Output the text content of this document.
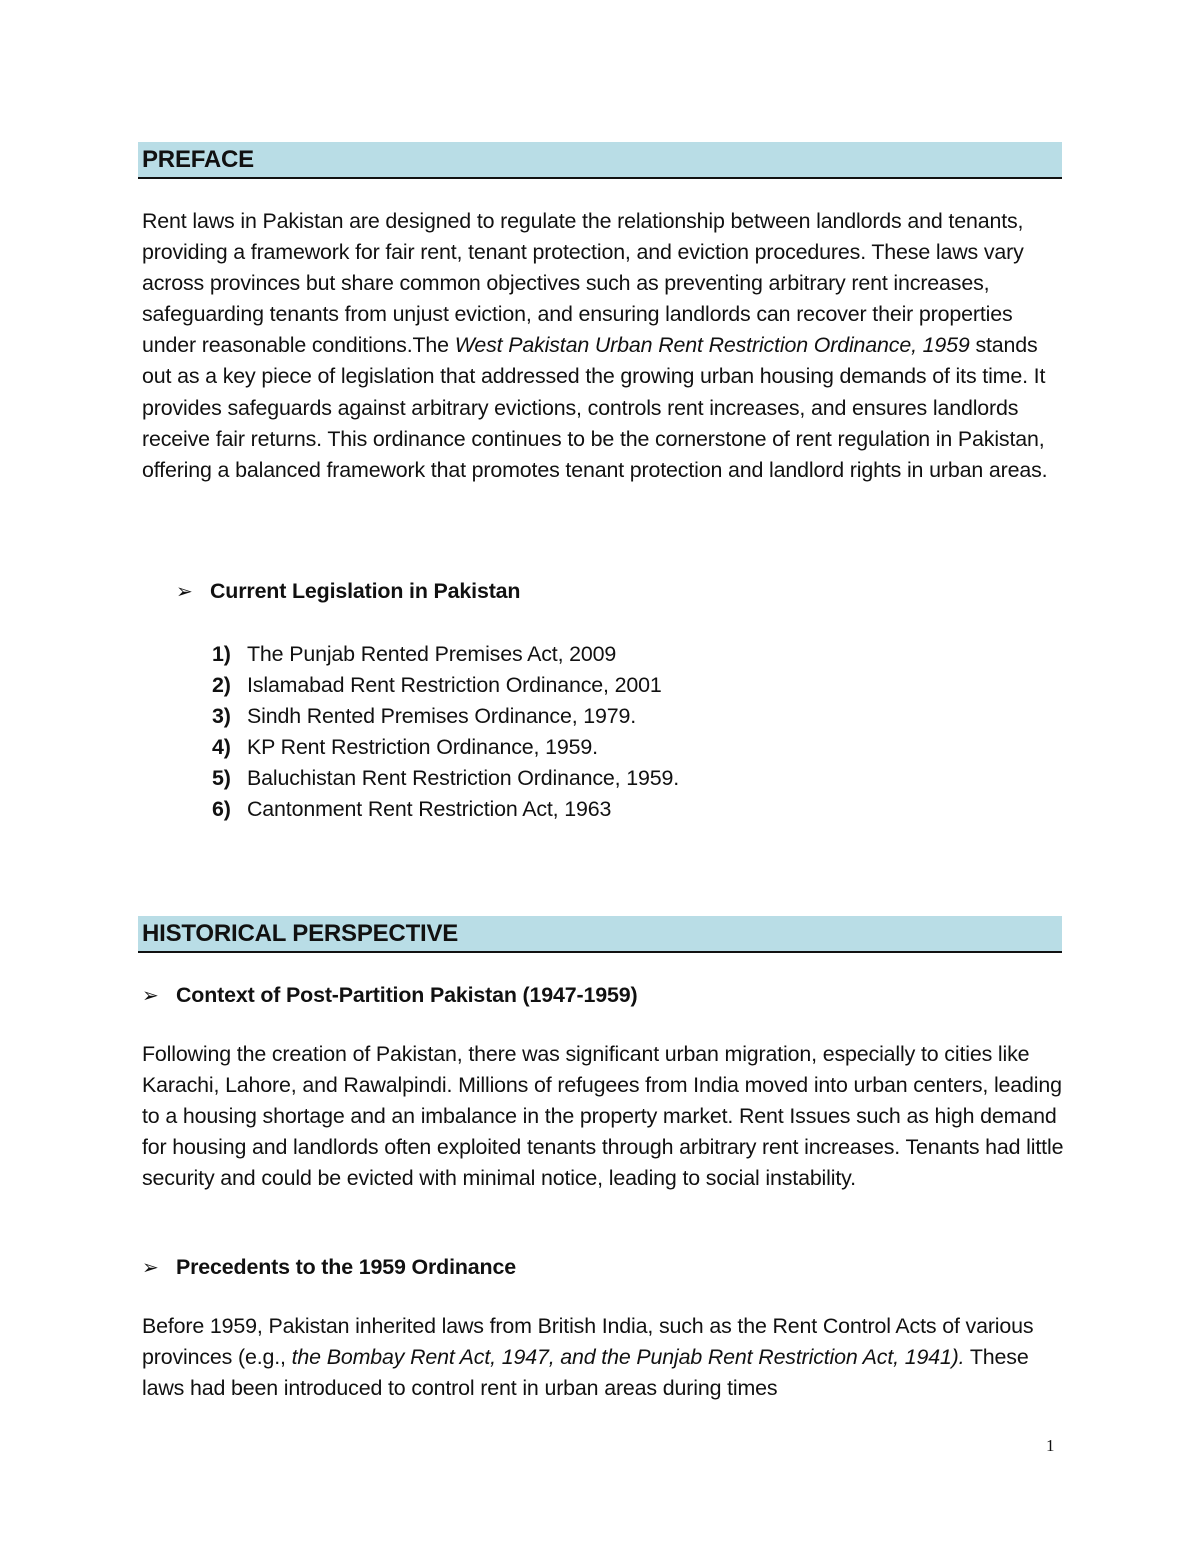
PREFACE
Rent laws in Pakistan are designed to regulate the relationship between landlords and tenants, providing a framework for fair rent, tenant protection, and eviction procedures. These laws vary across provinces but share common objectives such as preventing arbitrary rent increases, safeguarding tenants from unjust eviction, and ensuring landlords can recover their properties under reasonable conditions.The West Pakistan Urban Rent Restriction Ordinance, 1959 stands out as a key piece of legislation that addressed the growing urban housing demands of its time. It provides safeguards against arbitrary evictions, controls rent increases, and ensures landlords receive fair returns. This ordinance continues to be the cornerstone of rent regulation in Pakistan, offering a balanced framework that promotes tenant protection and landlord rights in urban areas.
➢ Current Legislation in Pakistan
1) The Punjab Rented Premises Act, 2009
2) Islamabad Rent Restriction Ordinance, 2001
3) Sindh Rented Premises Ordinance, 1979.
4) KP Rent Restriction Ordinance, 1959.
5) Baluchistan Rent Restriction Ordinance, 1959.
6) Cantonment Rent Restriction Act, 1963
HISTORICAL PERSPECTIVE
➢ Context of Post-Partition Pakistan (1947-1959)
Following the creation of Pakistan, there was significant urban migration, especially to cities like Karachi, Lahore, and Rawalpindi. Millions of refugees from India moved into urban centers, leading to a housing shortage and an imbalance in the property market. Rent Issues such as high demand for housing and landlords often exploited tenants through arbitrary rent increases. Tenants had little security and could be evicted with minimal notice, leading to social instability.
➢ Precedents to the 1959 Ordinance
Before 1959, Pakistan inherited laws from British India, such as the Rent Control Acts of various provinces (e.g., the Bombay Rent Act, 1947, and the Punjab Rent Restriction Act, 1941). These laws had been introduced to control rent in urban areas during times
1
